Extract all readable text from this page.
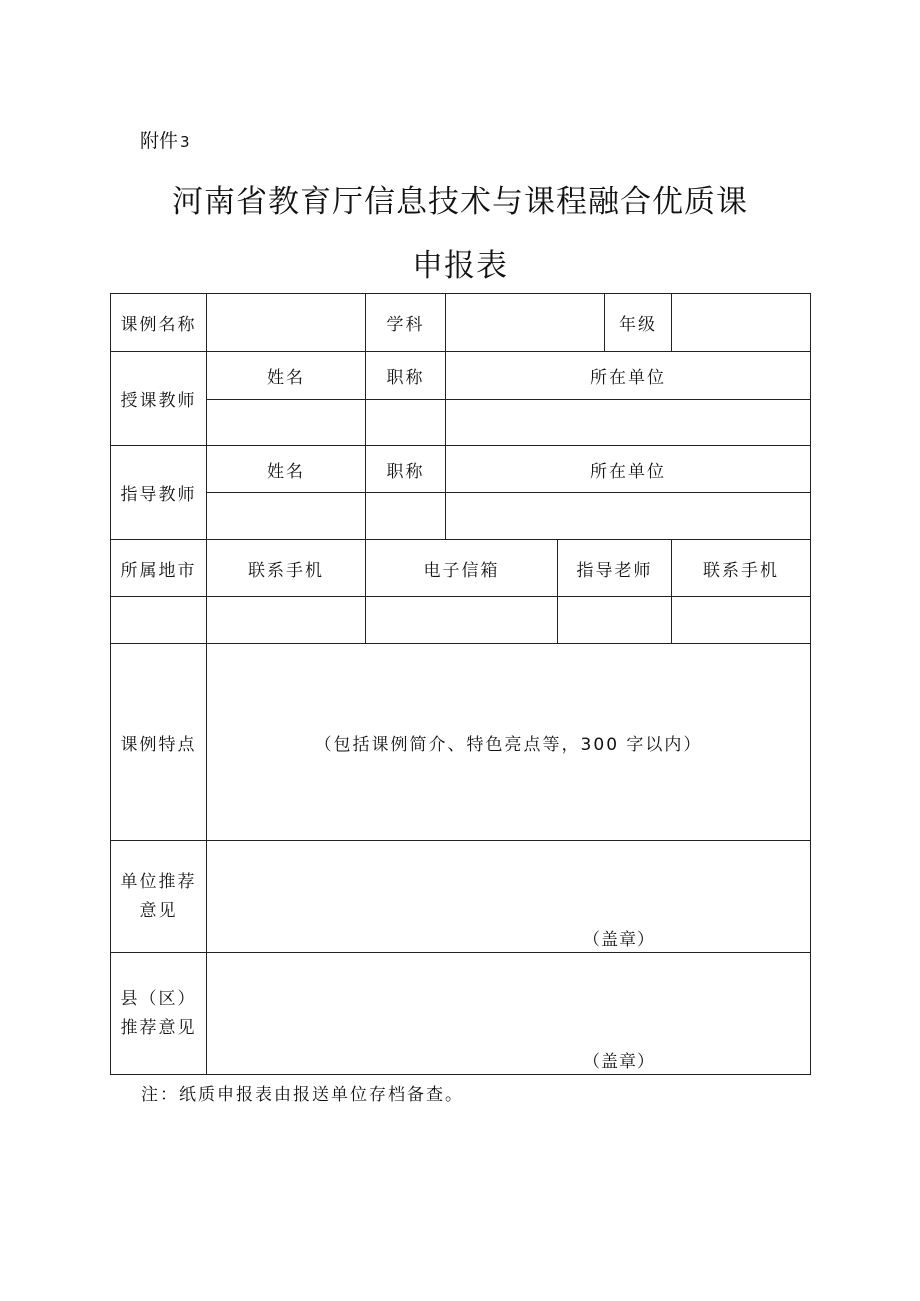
附件 3
河南省教育厅信息技术与课程融合优质课
申报表
课例名称		学科			年级	
授课教师	姓名	职称	所在单位			

指导教师	姓名	职称	所在单位			

所属地市	联系手机	电子信箱		指导老师		联系手机

课例特点	（包括课例简介、特色亮点等，300 字以内）					

单位推荐
意见	（盖章）					

县（区）
推荐意见	（盖章）					
注：纸质申报表由报送单位存档备查。
